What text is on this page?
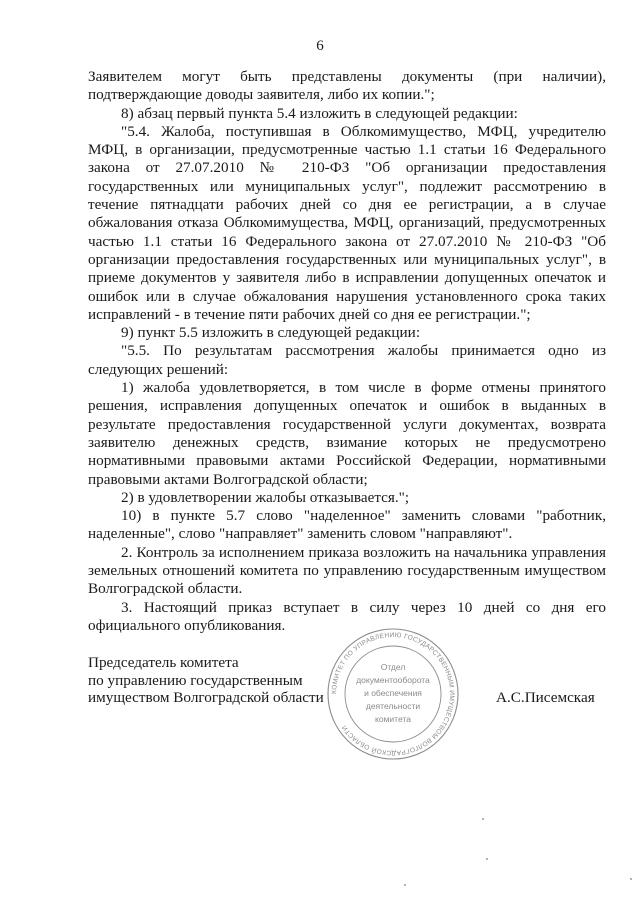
6

Заявителем могут быть представлены документы (при наличии), подтверждающие доводы заявителя, либо их копии.";

8) абзац первый пункта 5.4 изложить в следующей редакции:

"5.4. Жалоба, поступившая в Облкомимущество, МФЦ, учредителю МФЦ, в организации, предусмотренные частью 1.1 статьи 16 Федерального закона от 27.07.2010 № 210-ФЗ "Об организации предоставления государственных или муниципальных услуг", подлежит рассмотрению в течение пятнадцати рабочих дней со дня ее регистрации, а в случае обжалования отказа Облкомимущества, МФЦ, организаций, предусмотренных частью 1.1 статьи 16 Федерального закона от 27.07.2010 № 210-ФЗ "Об организации предоставления государственных или муниципальных услуг", в приеме документов у заявителя либо в исправлении допущенных опечаток и ошибок или в случае обжалования нарушения установленного срока таких исправлений - в течение пяти рабочих дней со дня ее регистрации.";

9) пункт 5.5 изложить в следующей редакции:

"5.5. По результатам рассмотрения жалобы принимается одно из следующих решений:

1) жалоба удовлетворяется, в том числе в форме отмены принятого решения, исправления допущенных опечаток и ошибок в выданных в результате предоставления государственной услуги документах, возврата заявителю денежных средств, взимание которых не предусмотрено нормативными правовыми актами Российской Федерации, нормативными правовыми актами Волгоградской области;

2) в удовлетворении жалобы отказывается.";

10) в пункте 5.7 слово "наделенное" заменить словами "работник, наделенные", слово "направляет" заменить словом "направляют".

2. Контроль за исполнением приказа возложить на начальника управления земельных отношений комитета по управлению государственным имуществом Волгоградской области.

3. Настоящий приказ вступает в силу через 10 дней со дня его официального опубликования.

Председатель комитета
по управлению государственным
имуществом Волгоградской области	А.С.Писемская
КОМИТЕТ ПО УПРАВЛЕНИЮ ГОСУДАРСТВЕННЫМ ИМУЩЕСТВОМ ВОЛГОГРАДСКОЙ ОБЛАСТИ
Отдел
документооборота
и обеспечения
деятельности
комитета
